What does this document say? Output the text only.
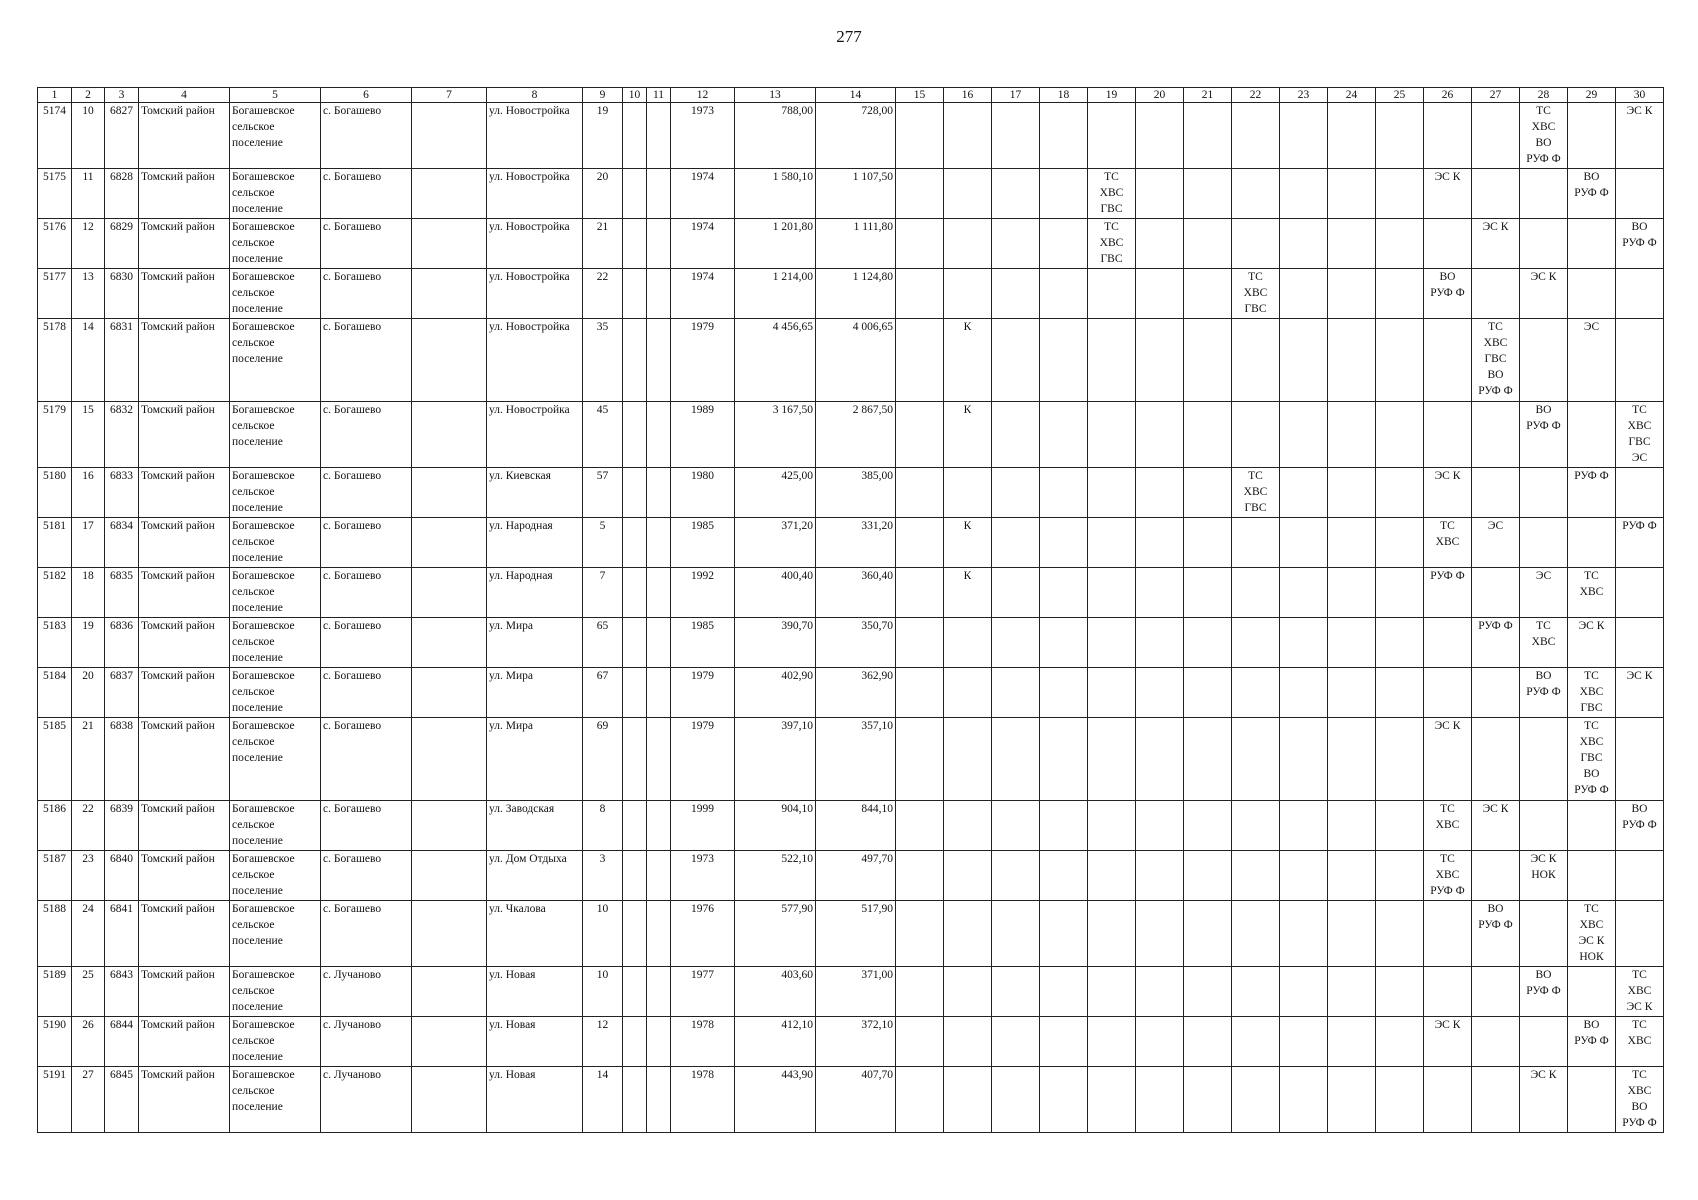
277
1	2	3	4	5	6	7	8	9	10	11	12	13	14	15	16	17	18	19	20	21	22	23	24	25	26	27	28	29	30
5174	10	6827	Томский район	Богашевское сельское поселение	с. Богашево		ул. Новостройка	19			1973	788,00	728,00														ТС
ХВС
ВО
РУФ Ф		ЭС К
5175	11	6828	Томский район	Богашевское сельское поселение	с. Богашево		ул. Новостройка	20			1974	1 580,10	1 107,50					ТС
ХВС
ГВС							ЭС К			ВО
РУФ Ф	
5176	12	6829	Томский район	Богашевское сельское поселение	с. Богашево		ул. Новостройка	21			1974	1 201,80	1 111,80					ТС
ХВС
ГВС								ЭС К			ВО
РУФ Ф
5177	13	6830	Томский район	Богашевское сельское поселение	с. Богашево		ул. Новостройка	22			1974	1 214,00	1 124,80								ТС
ХВС
ГВС				ВО
РУФ Ф		ЭС К		
5178	14	6831	Томский район	Богашевское сельское поселение	с. Богашево		ул. Новостройка	35			1979	4 456,65	4 006,65		К											ТС
ХВС
ГВС
ВО
РУФ Ф		ЭС	
5179	15	6832	Томский район	Богашевское сельское поселение	с. Богашево		ул. Новостройка	45			1989	3 167,50	2 867,50		К												ВО
РУФ Ф		ТС
ХВС
ГВС
ЭС
5180	16	6833	Томский район	Богашевское сельское поселение	с. Богашево		ул. Киевская	57			1980	425,00	385,00								ТС
ХВС
ГВС				ЭС К			РУФ Ф	
5181	17	6834	Томский район	Богашевское сельское поселение	с. Богашево		ул. Народная	5			1985	371,20	331,20		К										ТС
ХВС	ЭС			РУФ Ф
5182	18	6835	Томский район	Богашевское сельское поселение	с. Богашево		ул. Народная	7			1992	400,40	360,40		К										РУФ Ф		ЭС	ТС
ХВС	
5183	19	6836	Томский район	Богашевское сельское поселение	с. Богашево		ул. Мира	65			1985	390,70	350,70													РУФ Ф	ТС
ХВС	ЭС К	
5184	20	6837	Томский район	Богашевское сельское поселение	с. Богашево		ул. Мира	67			1979	402,90	362,90														ВО
РУФ Ф	ТС
ХВС
ГВС	ЭС К
5185	21	6838	Томский район	Богашевское сельское поселение	с. Богашево		ул. Мира	69			1979	397,10	357,10												ЭС К			ТС
ХВС
ГВС
ВО
РУФ Ф	
5186	22	6839	Томский район	Богашевское сельское поселение	с. Богашево		ул. Заводская	8			1999	904,10	844,10												ТС
ХВС	ЭС К			ВО
РУФ Ф
5187	23	6840	Томский район	Богашевское сельское поселение	с. Богашево		ул. Дом Отдыха	3			1973	522,10	497,70												ТС
ХВС
РУФ Ф		ЭС К
НОК		
5188	24	6841	Томский район	Богашевское сельское поселение	с. Богашево		ул. Чкалова	10			1976	577,90	517,90													ВО
РУФ Ф		ТС
ХВС
ЭС К
НОК	
5189	25	6843	Томский район	Богашевское сельское поселение	с. Лучаново		ул. Новая	10			1977	403,60	371,00														ВО
РУФ Ф		ТС
ХВС
ЭС К
5190	26	6844	Томский район	Богашевское сельское поселение	с. Лучаново		ул. Новая	12			1978	412,10	372,10												ЭС К			ВО
РУФ Ф	ТС
ХВС
5191	27	6845	Томский район	Богашевское сельское поселение	с. Лучаново		ул. Новая	14			1978	443,90	407,70														ЭС К		ТС
ХВС
ВО
РУФ Ф
